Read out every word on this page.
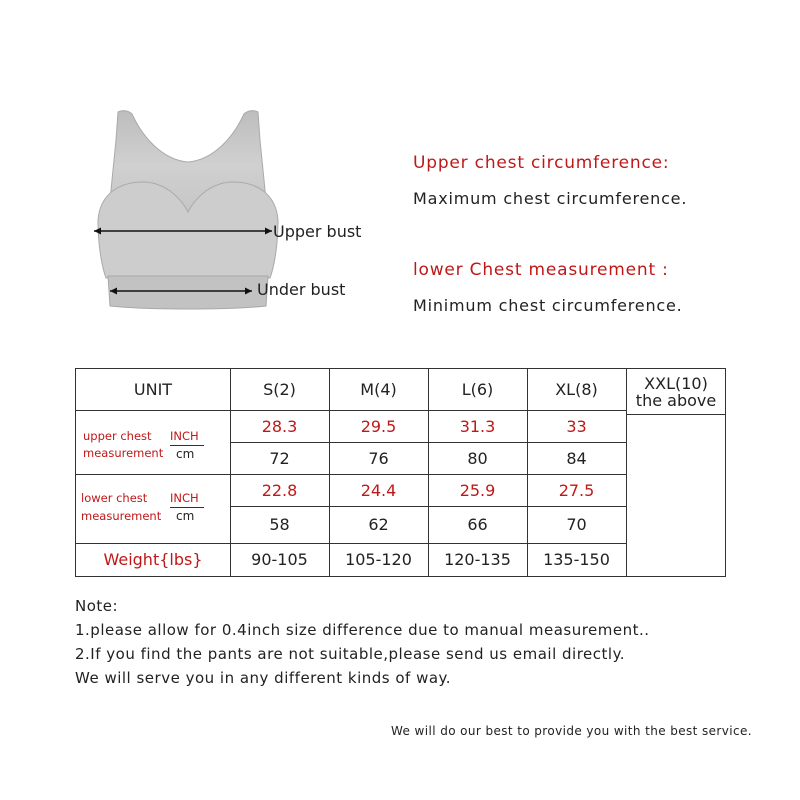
Upper bust
Under bust
Upper chest circumference:
Maximum chest circumference.
lower Chest measurement :
Minimum chest circumference.
UNIT	S(2)	M(4)	L(6)	XL(8)	XXL(10)
the above
upper chest
measurement
INCH
cm
28.3	29.5	31.3	33
72	76	80	84
lower chest
measurement
INCH
cm
22.8	24.4	25.9	27.5
58	62	66	70
Weight{lbs}	90-105	105-120	120-135	135-150
Note:
1.please allow for 0.4inch size difference due to manual measurement..
2.If you find the pants are not suitable,please send us email directly.
We will serve you in any different kinds of way.
We will do our best to provide you with the best service.
